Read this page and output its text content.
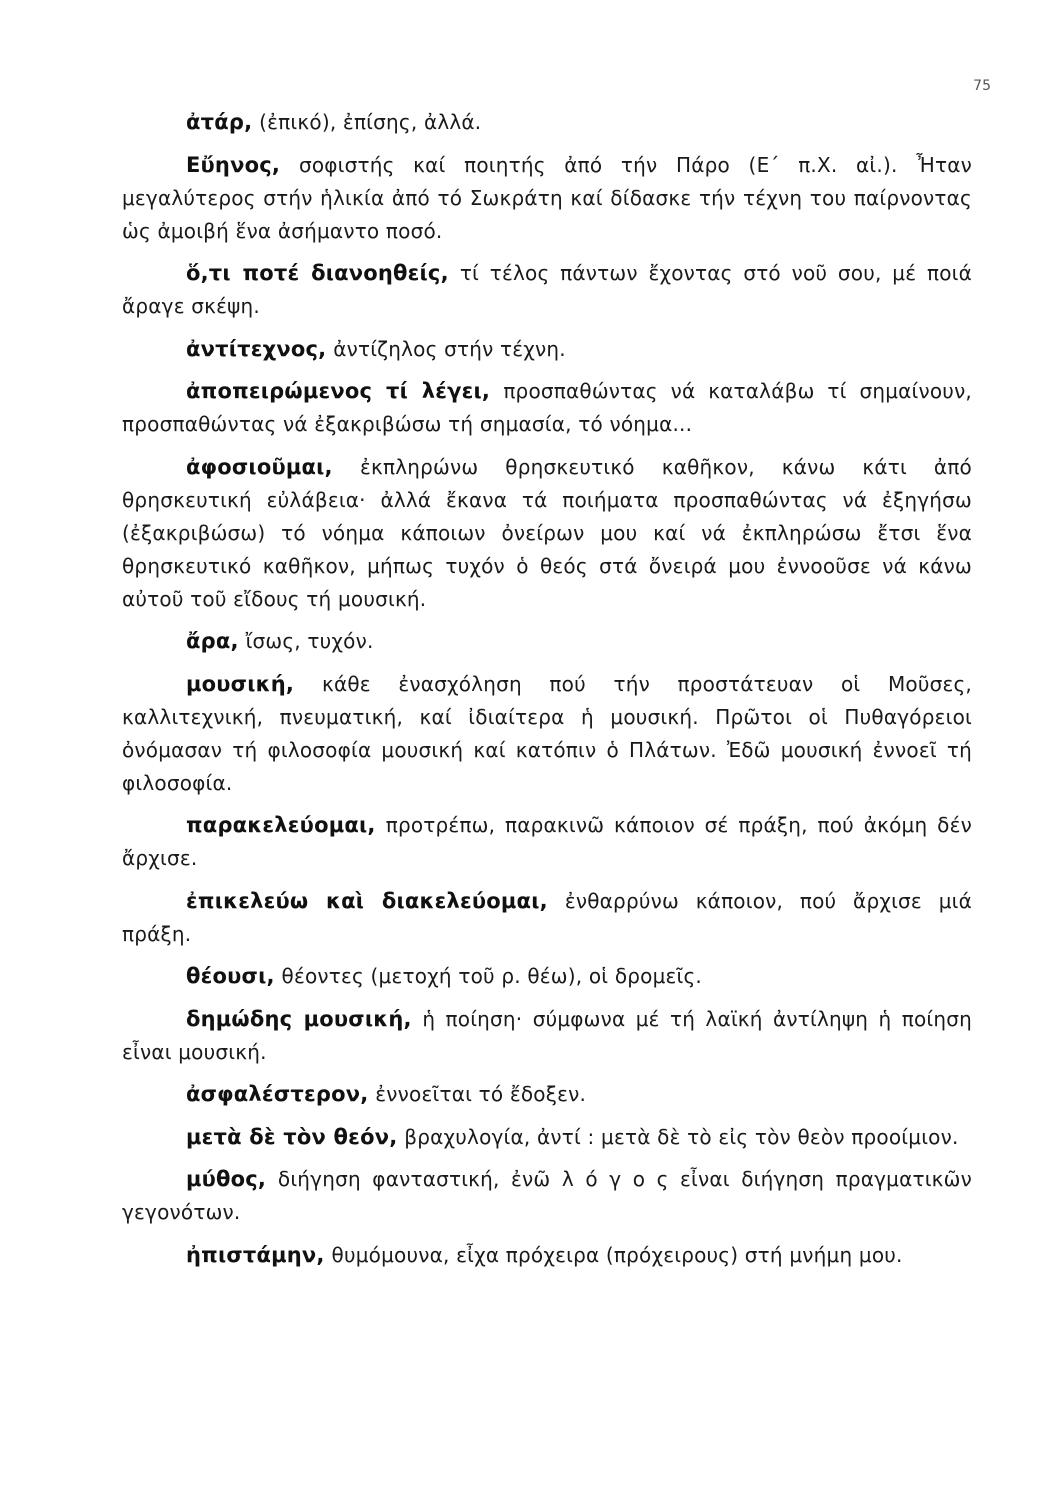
75

ἀτάρ, (ἐπικό), ἐπίσης, ἀλλά.

Εὔηνος, σοφιστής καί ποιητής ἀπό τήν Πάρο (Ε΄ π.Χ. αἰ.). Ἦταν μεγαλύτερος στήν ἡλικία ἀπό τό Σωκράτη καί δίδασκε τήν τέχνη του παίρνοντας ὡς ἀμοιβή ἕνα ἀσήμαντο ποσό.

ὅ,τι ποτέ διανοηθείς, τί τέλος πάντων ἔχοντας στό νοῦ σου, μέ ποιά ἄραγε σκέψη.

ἀντίτεχνος, ἀντίζηλος στήν τέχνη.

ἀποπειρώμενος τί λέγει, προσπαθώντας νά καταλάβω τί σημαίνουν, προσπαθώντας νά ἐξακριβώσω τή σημασία, τό νόημα...

ἀφοσιοῦμαι, ἐκπληρώνω θρησκευτικό καθῆκον, κάνω κάτι ἀπό θρησκευτική εὐλάβεια· ἀλλά ἔκανα τά ποιήματα προσπαθώντας νά ἐξηγήσω (ἐξακριβώσω) τό νόημα κάποιων ὀνείρων μου καί νά ἐκπληρώσω ἔτσι ἕνα θρησκευτικό καθῆκον, μήπως τυχόν ὁ θεός στά ὄνειρά μου ἐννοοῦσε νά κάνω αὐτοῦ τοῦ εἴδους τή μουσική.

ἄρα, ἴσως, τυχόν.

μουσική, κάθε ἐνασχόληση πού τήν προστάτευαν οἱ Μοῦσες, καλλιτεχνική, πνευματική, καί ἰδιαίτερα ἡ μουσική. Πρῶτοι οἱ Πυθαγόρειοι ὀνόμασαν τή φιλοσοφία μουσική καί κατόπιν ὁ Πλάτων. Ἐδῶ μουσική ἐννοεῖ τή φιλοσοφία.

παρακελεύομαι, προτρέπω, παρακινῶ κάποιον σέ πράξη, πού ἀκόμη δέν ἄρχισε.

ἐπικελεύω καὶ διακελεύομαι, ἐνθαρρύνω κάποιον, πού ἄρχισε μιά πράξη.

θέουσι, θέοντες (μετοχή τοῦ ρ. θέω), οἱ δρομεῖς.

δημώδης μουσική, ἡ ποίηση· σύμφωνα μέ τή λαϊκή ἀντίληψη ἡ ποίηση εἶναι μουσική.

ἀσφαλέστερον, ἐννοεῖται τό ἔδοξεν.

μετὰ δὲ τὸν θεόν, βραχυλογία, ἀντί : μετὰ δὲ τὸ εἰς τὸν θεὸν προοίμιον.

μύθος, διήγηση φανταστική, ἐνῶ λ ό γ ο ς εἶναι διήγηση πραγματικῶν γεγονότων.

ἠπιστάμην, θυμόμουνα, εἶχα πρόχειρα (πρόχειρους) στή μνήμη μου.
